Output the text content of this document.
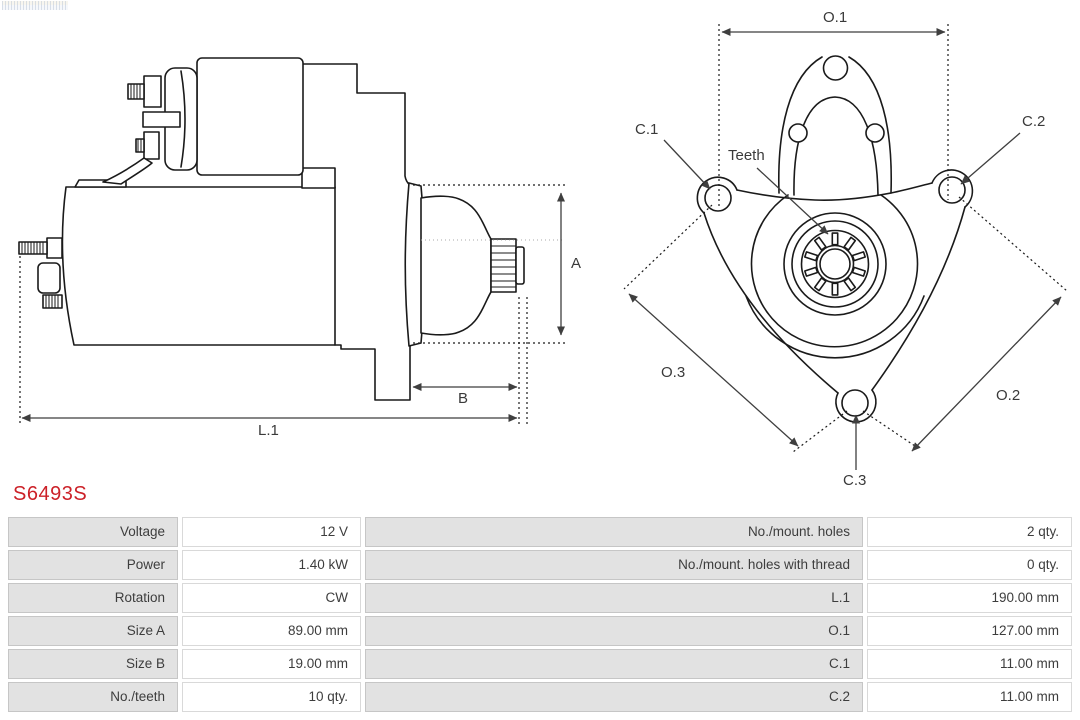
A
B
L.1
O.1
C.1	C.2
Teeth
C.3
O.3
O.2
S6493S
Voltage	12 V	No./mount. holes	2 qty.
Power	1.40 kW	No./mount. holes with thread	0 qty.
Rotation	CW	L.1	190.00 mm
Size A	89.00 mm	O.1	127.00 mm
Size B	19.00 mm	C.1	11.00 mm
No./teeth	10 qty.	C.2	11.00 mm
